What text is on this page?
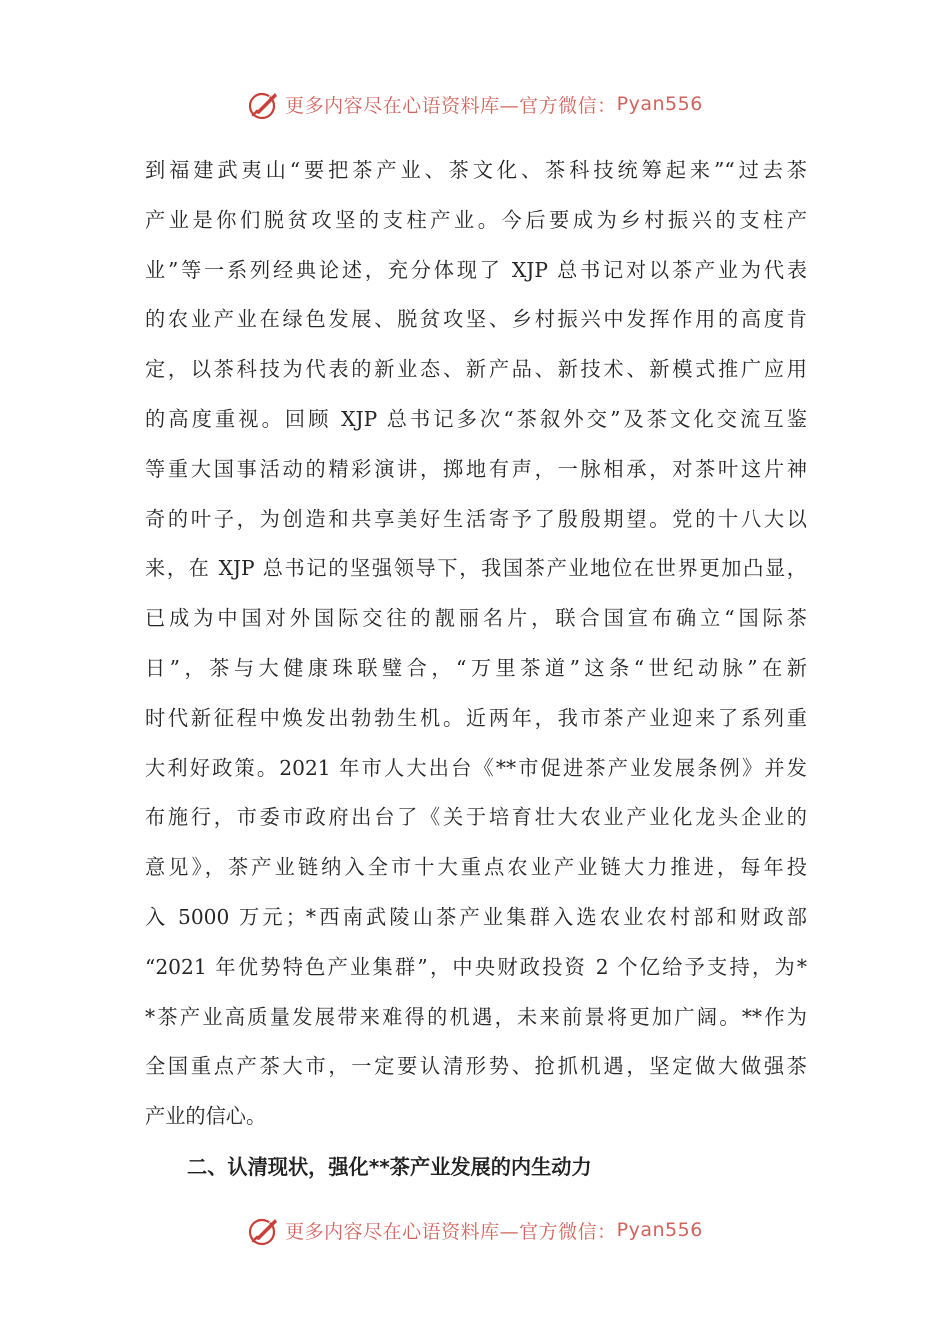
更多内容尽在心语资料库—官方微信： Pyan556
到福建武夷山“要把茶产业、茶文化、茶科技统筹起来”“过去茶
产业是你们脱贫攻坚的支柱产业。今后要成为乡村振兴的支柱产
业”等一系列经典论述，充分体现了 XJP 总书记对以茶产业为代表
的农业产业在绿色发展、脱贫攻坚、乡村振兴中发挥作用的高度肯
定，以茶科技为代表的新业态、新产品、新技术、新模式推广应用
的高度重视。回顾 XJP 总书记多次“茶叙外交”及茶文化交流互鉴
等重大国事活动的精彩演讲，掷地有声，一脉相承，对茶叶这片神
奇的叶子，为创造和共享美好生活寄予了殷殷期望。党的十八大以
来，在 XJP 总书记的坚强领导下，我国茶产业地位在世界更加凸显，
已成为中国对外国际交往的靓丽名片，联合国宣布确立“国际茶
日”，茶与大健康珠联璧合，“万里茶道”这条“世纪动脉”在新
时代新征程中焕发出勃勃生机。近两年，我市茶产业迎来了系列重
大利好政策。2021 年市人大出台《**市促进茶产业发展条例》并发
布施行，市委市政府出台了《关于培育壮大农业产业化龙头企业的
意见》，茶产业链纳入全市十大重点农业产业链大力推进，每年投
入 5000 万元；*西南武陵山茶产业集群入选农业农村部和财政部
“2021 年优势特色产业集群”，中央财政投资 2 个亿给予支持，为*
*茶产业高质量发展带来难得的机遇，未来前景将更加广阔。**作为
全国重点产茶大市，一定要认清形势、抢抓机遇，坚定做大做强茶
产业的信心。
二、认清现状，强化**茶产业发展的内生动力
更多内容尽在心语资料库—官方微信： Pyan556
